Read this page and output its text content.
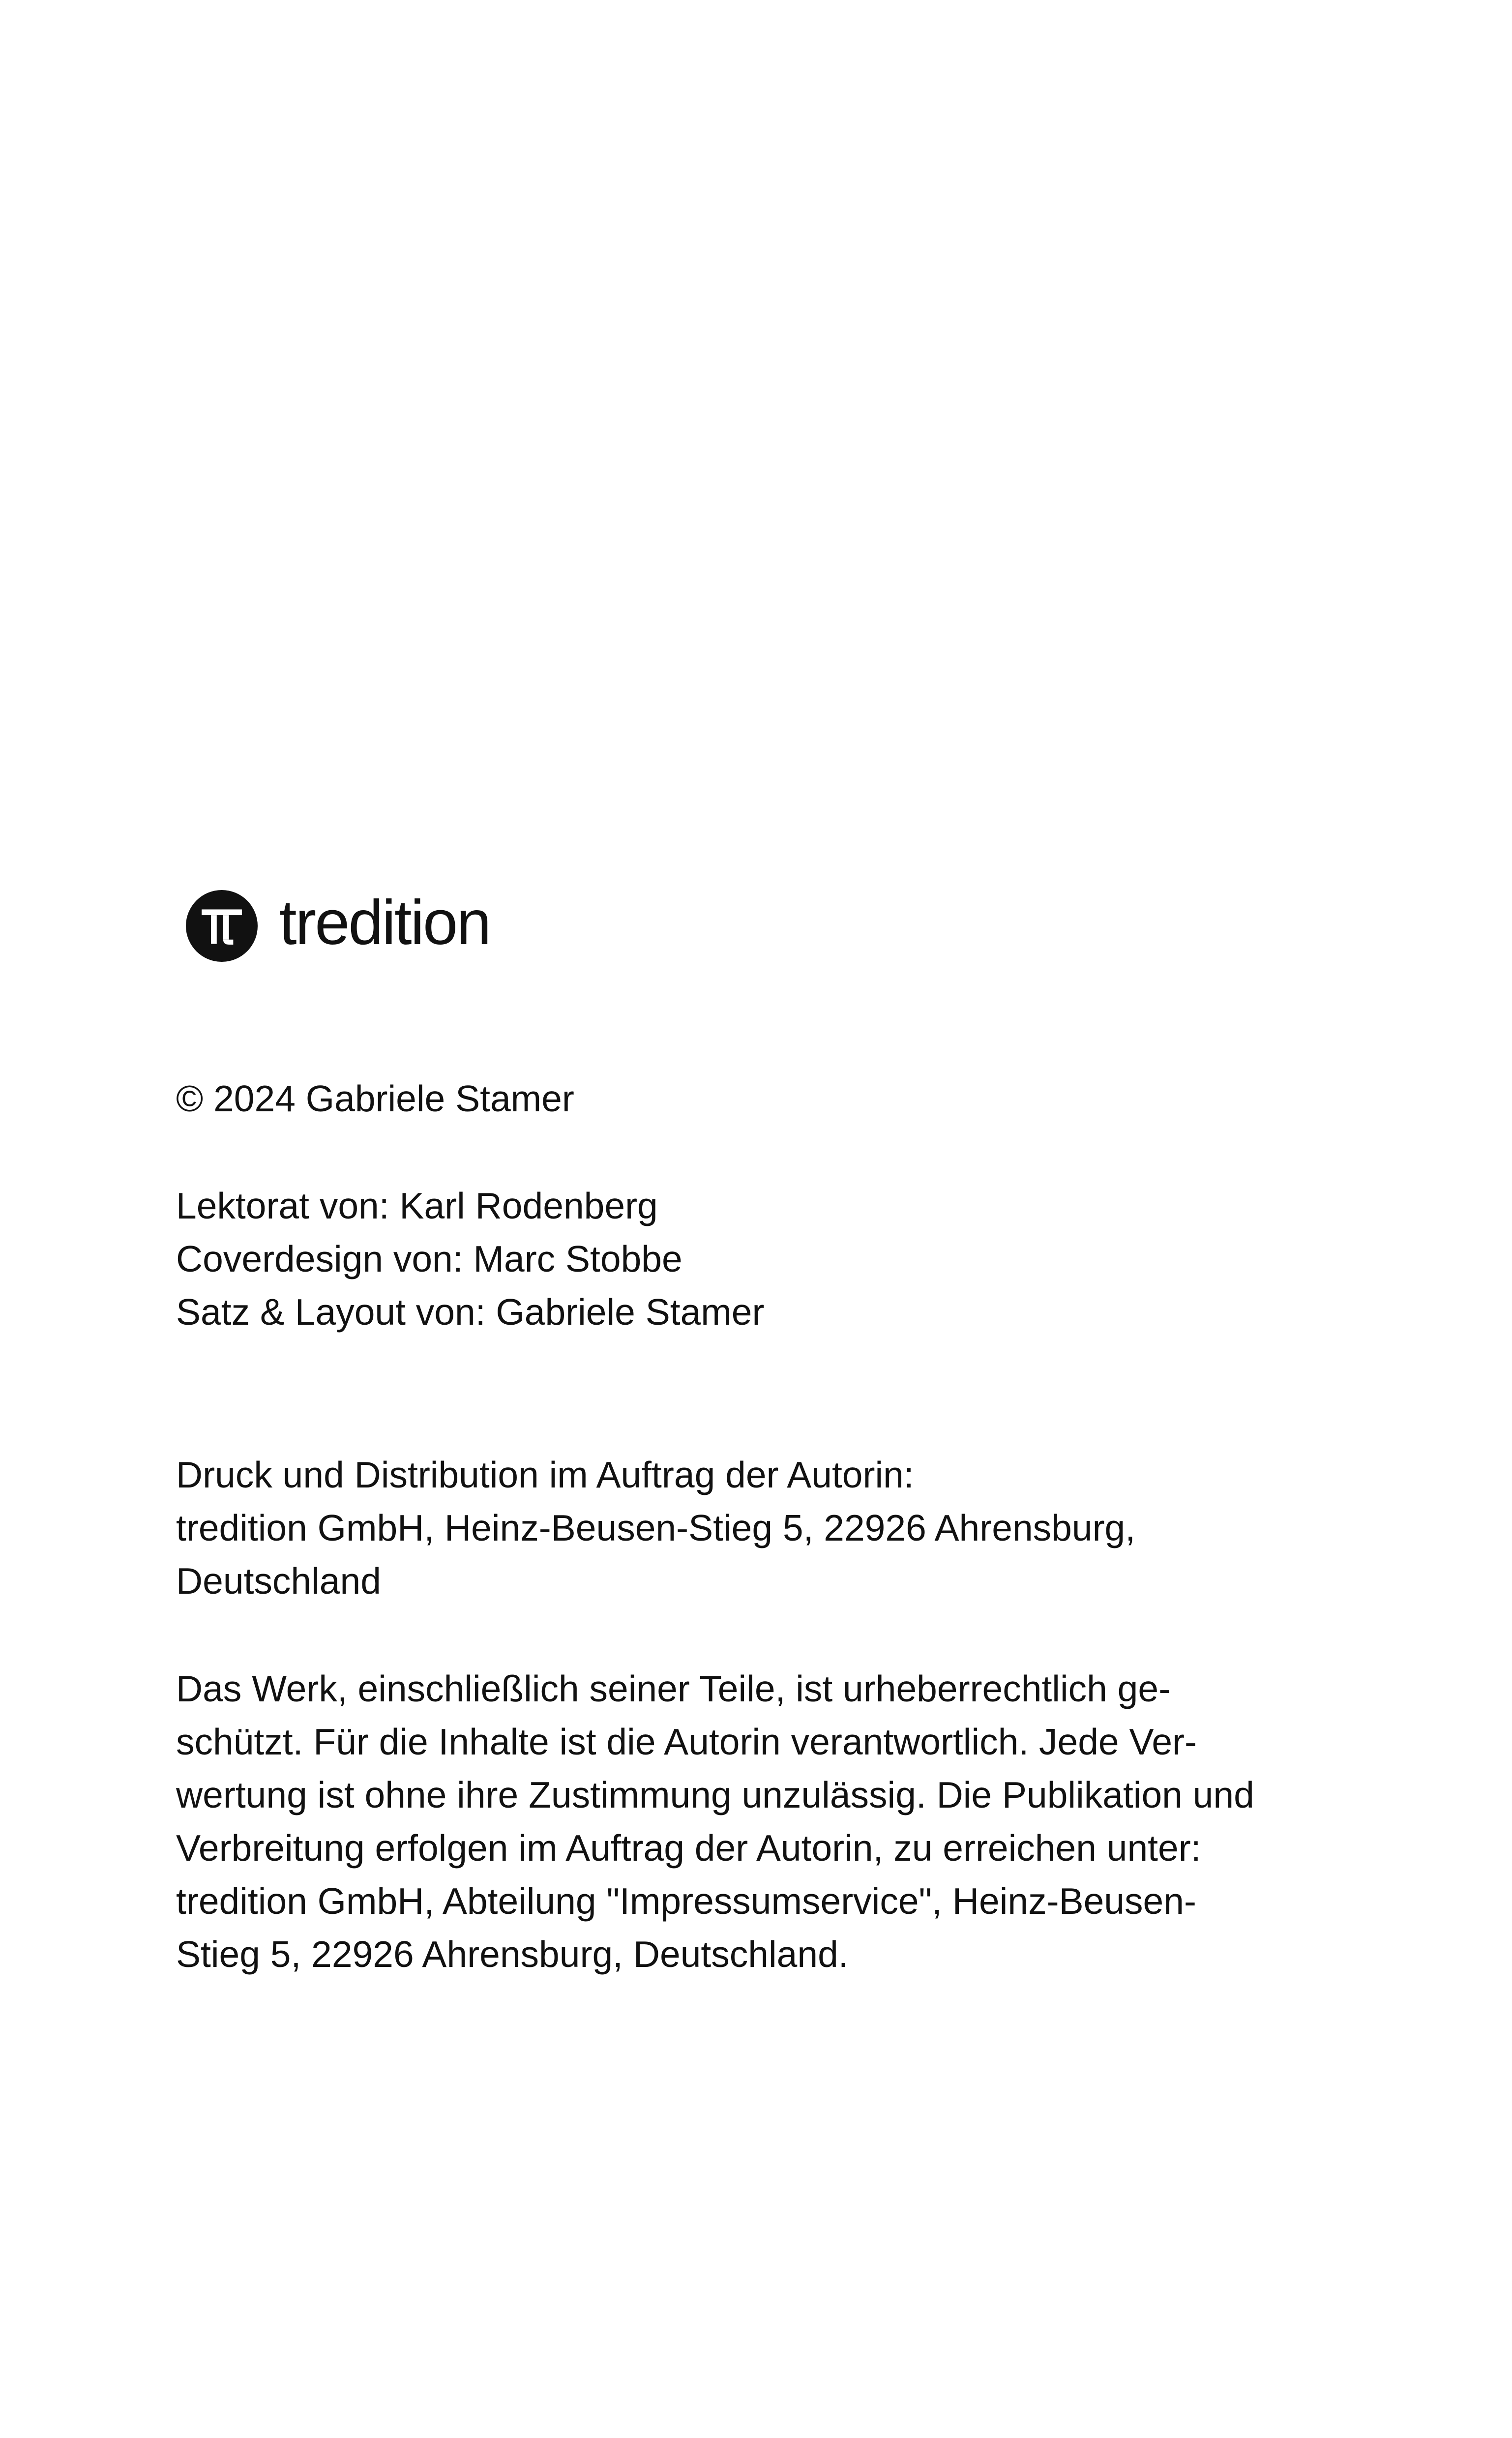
tredition
© 2024 Gabriele Stamer
Lektorat von: Karl Rodenberg
Coverdesign von: Marc Stobbe
Satz & Layout von: Gabriele Stamer
Druck und Distribution im Auftrag der Autorin:
tredition GmbH, Heinz-Beusen-Stieg 5, 22926 Ahrensburg,
Deutschland
Das Werk, einschließlich seiner Teile, ist urheberrechtlich ge-
schützt. Für die Inhalte ist die Autorin verantwortlich. Jede Ver-
wertung ist ohne ihre Zustimmung unzulässig. Die Publikation und
Verbreitung erfolgen im Auftrag der Autorin, zu erreichen unter:
tredition GmbH, Abteilung "Impressumservice", Heinz-Beusen-
Stieg 5, 22926 Ahrensburg, Deutschland.
